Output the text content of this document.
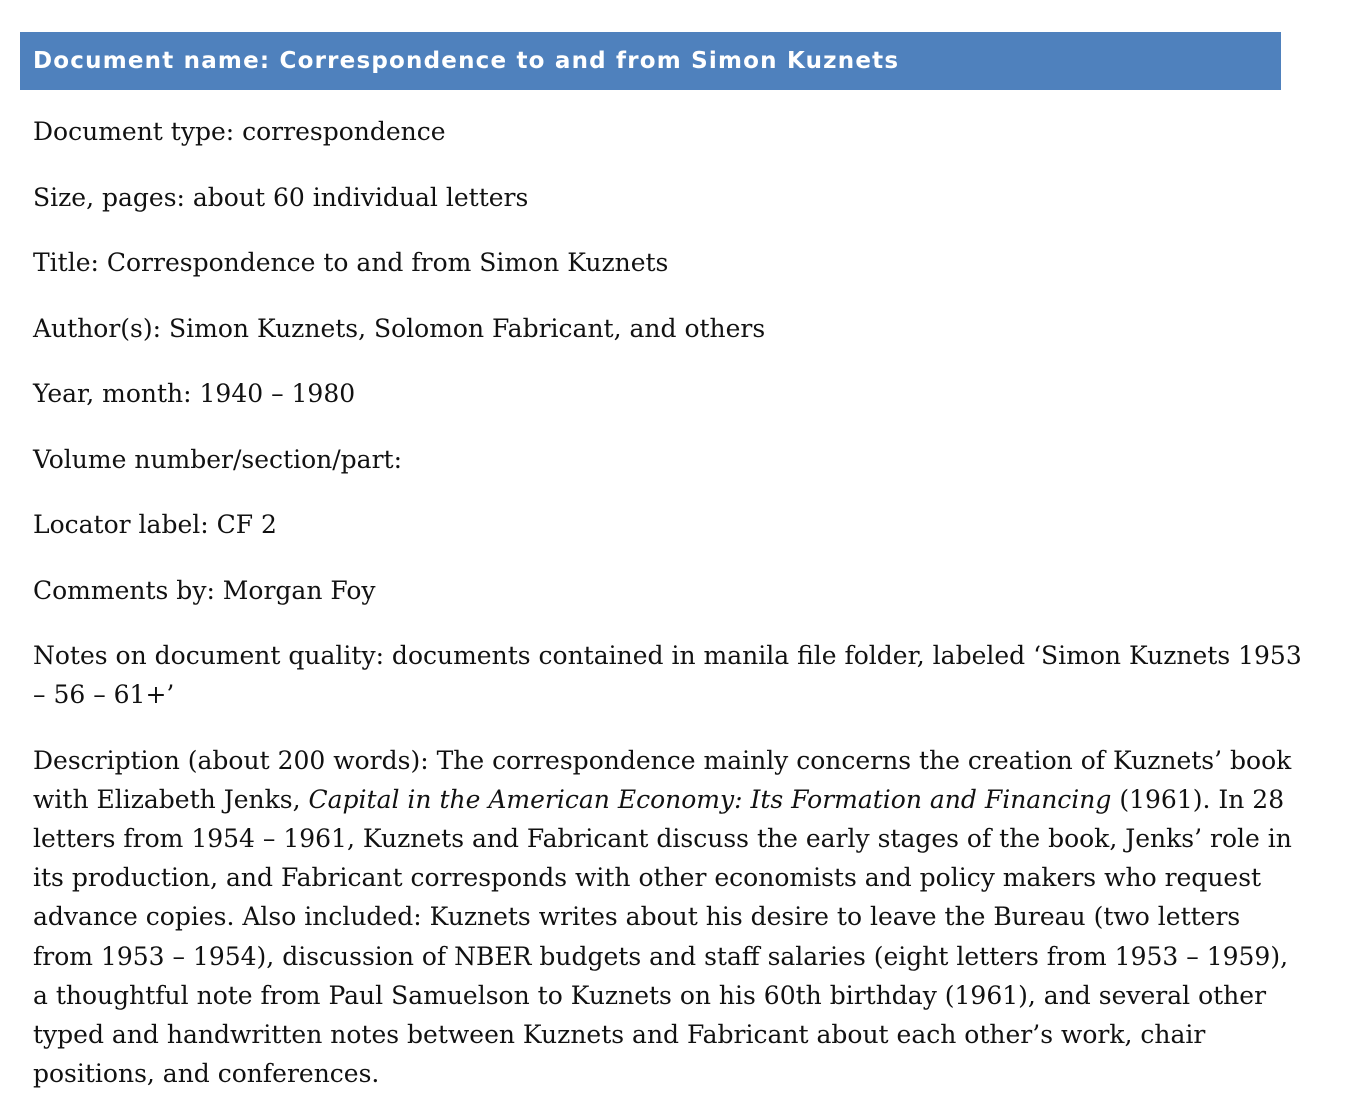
Document name: Correspondence to and from Simon Kuznets
Document type: correspondence
Size, pages: about 60 individual letters
Title: Correspondence to and from Simon Kuznets
Author(s): Simon Kuznets, Solomon Fabricant, and others
Year, month: 1940 – 1980
Volume number/section/part:
Locator label: CF 2
Comments by: Morgan Foy
Notes on document quality: documents contained in manila file folder, labeled ‘Simon Kuznets 1953
– 56 – 61+’
Description (about 200 words): The correspondence mainly concerns the creation of Kuznets’ book
with Elizabeth Jenks, Capital in the American Economy: Its Formation and Financing (1961). In 28
letters from 1954 – 1961, Kuznets and Fabricant discuss the early stages of the book, Jenks’ role in
its production, and Fabricant corresponds with other economists and policy makers who request
advance copies. Also included: Kuznets writes about his desire to leave the Bureau (two letters
from 1953 – 1954), discussion of NBER budgets and staff salaries (eight letters from 1953 – 1959),
a thoughtful note from Paul Samuelson to Kuznets on his 60th birthday (1961), and several other
typed and handwritten notes between Kuznets and Fabricant about each other’s work, chair
positions, and conferences.
